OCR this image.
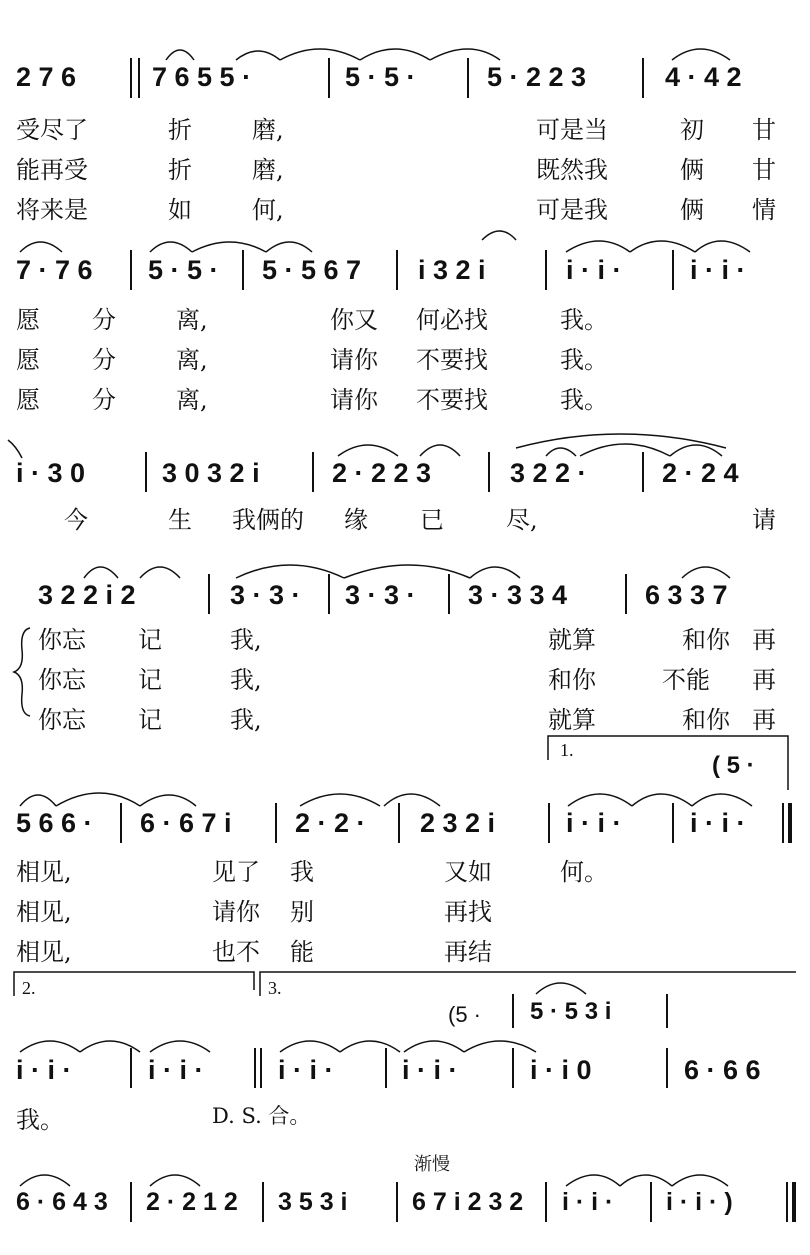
2 7 6	7 6 5 5 ·	5 · 5 ·	5 · 2 2 3	4 · 4 2
受尽了	折	磨,	可是当	初 甘
能再受	折	磨,	既然我	俩 甘
将来是	如	何,	可是我	俩 情
7 · 7 6 5 · 5 · 5 · 5 6 7 i 3 2 i	i · i ·	i · i ·
愿 分	离,	你又 何必找	我。
愿 分	离,	请你 不要找	我。
愿 分	离,	请你 不要找	我。
i · 3 0	3 0 3 2 i	2 · 2 2 3	3 2 2 ·	2 · 2 4
今	生 我俩的 缘 已	尽,	请
3 2 2 i 2	3 · 3 · 3 · 3 · 3 · 3 3 4	6 3 3 7
你忘 记	我,	就算	和你 再
你忘 记	我,	和你	不能 再
你忘 记	我,	就算	和你 再
1.
( 5 ·
5 6 6 · 6 · 6 7 i 2 · 2 · 2 3 2 i	i · i ·	i · i ·
相见,	见了 我	又如	何。
相见,	请你 别	再找
相见,	也不 能	再结
2.	3.
(5 · 5 · 5 3 i
i · i ·	i · i ·	i · i ·	i · i ·	i · i 0	6 · 6 6
我。	D. S. 合。
渐慢
6 · 6 4 3 2 · 2 1 2 3 5 3 i	6 7 i 2 3 2 i · i · i · i · )
